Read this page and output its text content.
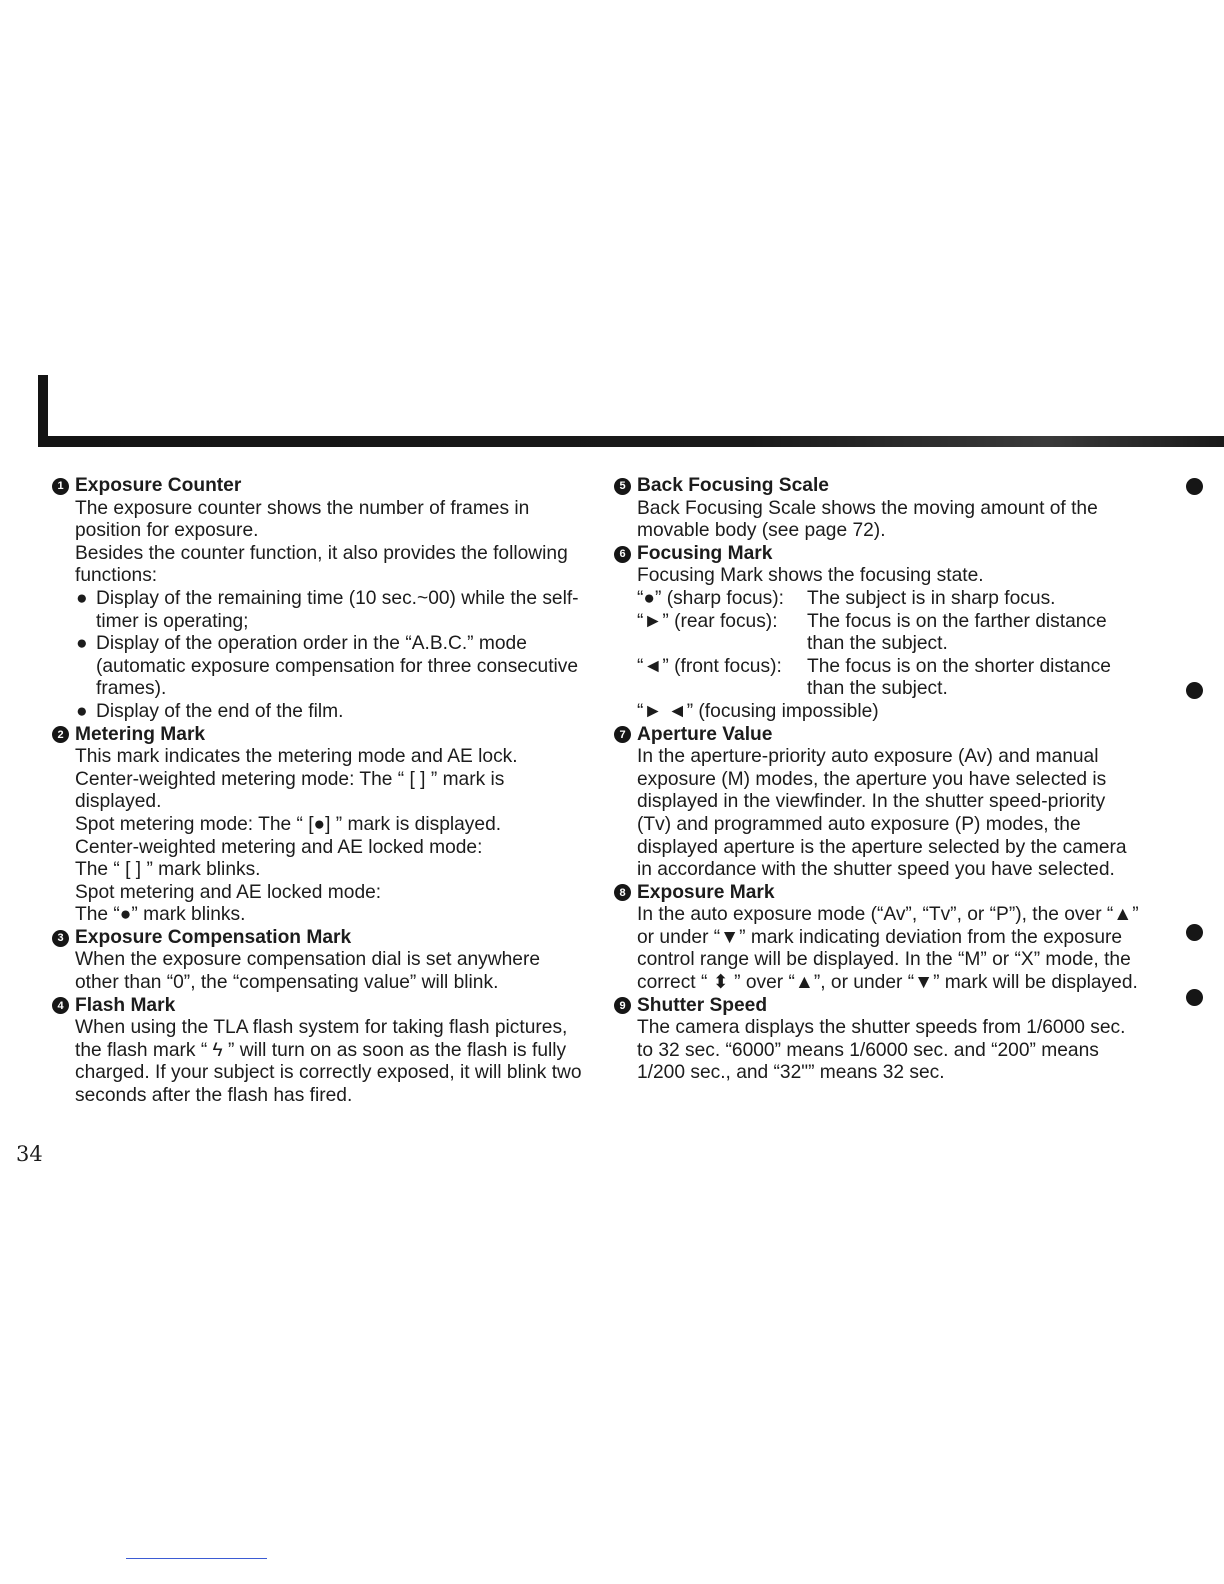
1 Exposure Counter
The exposure counter shows the number of frames in position for exposure.
Besides the counter function, it also provides the following functions:
● Display of the remaining time (10 sec.~00) while the self-timer is operating;
● Display of the operation order in the “A.B.C.” mode (automatic exposure compensation for three consecutive frames).
● Display of the end of the film.
2 Metering Mark
This mark indicates the metering mode and AE lock.
Center-weighted metering mode: The “ [ ] ” mark is displayed.
Spot metering mode: The “ [●] ” mark is displayed.
Center-weighted metering and AE locked mode:
The “ [ ] ” mark blinks.
Spot metering and AE locked mode:
The “●” mark blinks.
3 Exposure Compensation Mark
When the exposure compensation dial is set anywhere other than “0”, the “compensating value” will blink.
4 Flash Mark
When using the TLA flash system for taking flash pictures, the flash mark “ ϟ ” will turn on as soon as the flash is fully charged. If your subject is correctly exposed, it will blink two seconds after the flash has fired.
5 Back Focusing Scale
Back Focusing Scale shows the moving amount of the movable body (see page 72).
6 Focusing Mark
Focusing Mark shows the focusing state.
“●” (sharp focus):	The subject is in sharp focus.
“►” (rear focus):	The focus is on the farther distance than the subject.
“◄” (front focus):	The focus is on the shorter distance than the subject.
“► ◄” (focusing impossible)
7 Aperture Value
In the aperture-priority auto exposure (Av) and manual exposure (M) modes, the aperture you have selected is displayed in the viewfinder. In the shutter speed-priority (Tv) and programmed auto exposure (P) modes, the displayed aperture is the aperture selected by the camera in accordance with the shutter speed you have selected.
8 Exposure Mark
In the auto exposure mode (“Av”, “Tv”, or “P”), the over “▲” or under “▼” mark indicating deviation from the exposure control range will be displayed. In the “M” or “X” mode, the correct “ ⬍ ” over “▲”, or under “▼” mark will be displayed.
9 Shutter Speed
The camera displays the shutter speeds from 1/6000 sec. to 32 sec. “6000” means 1/6000 sec. and “200” means 1/200 sec., and “32"” means 32 sec.
34
